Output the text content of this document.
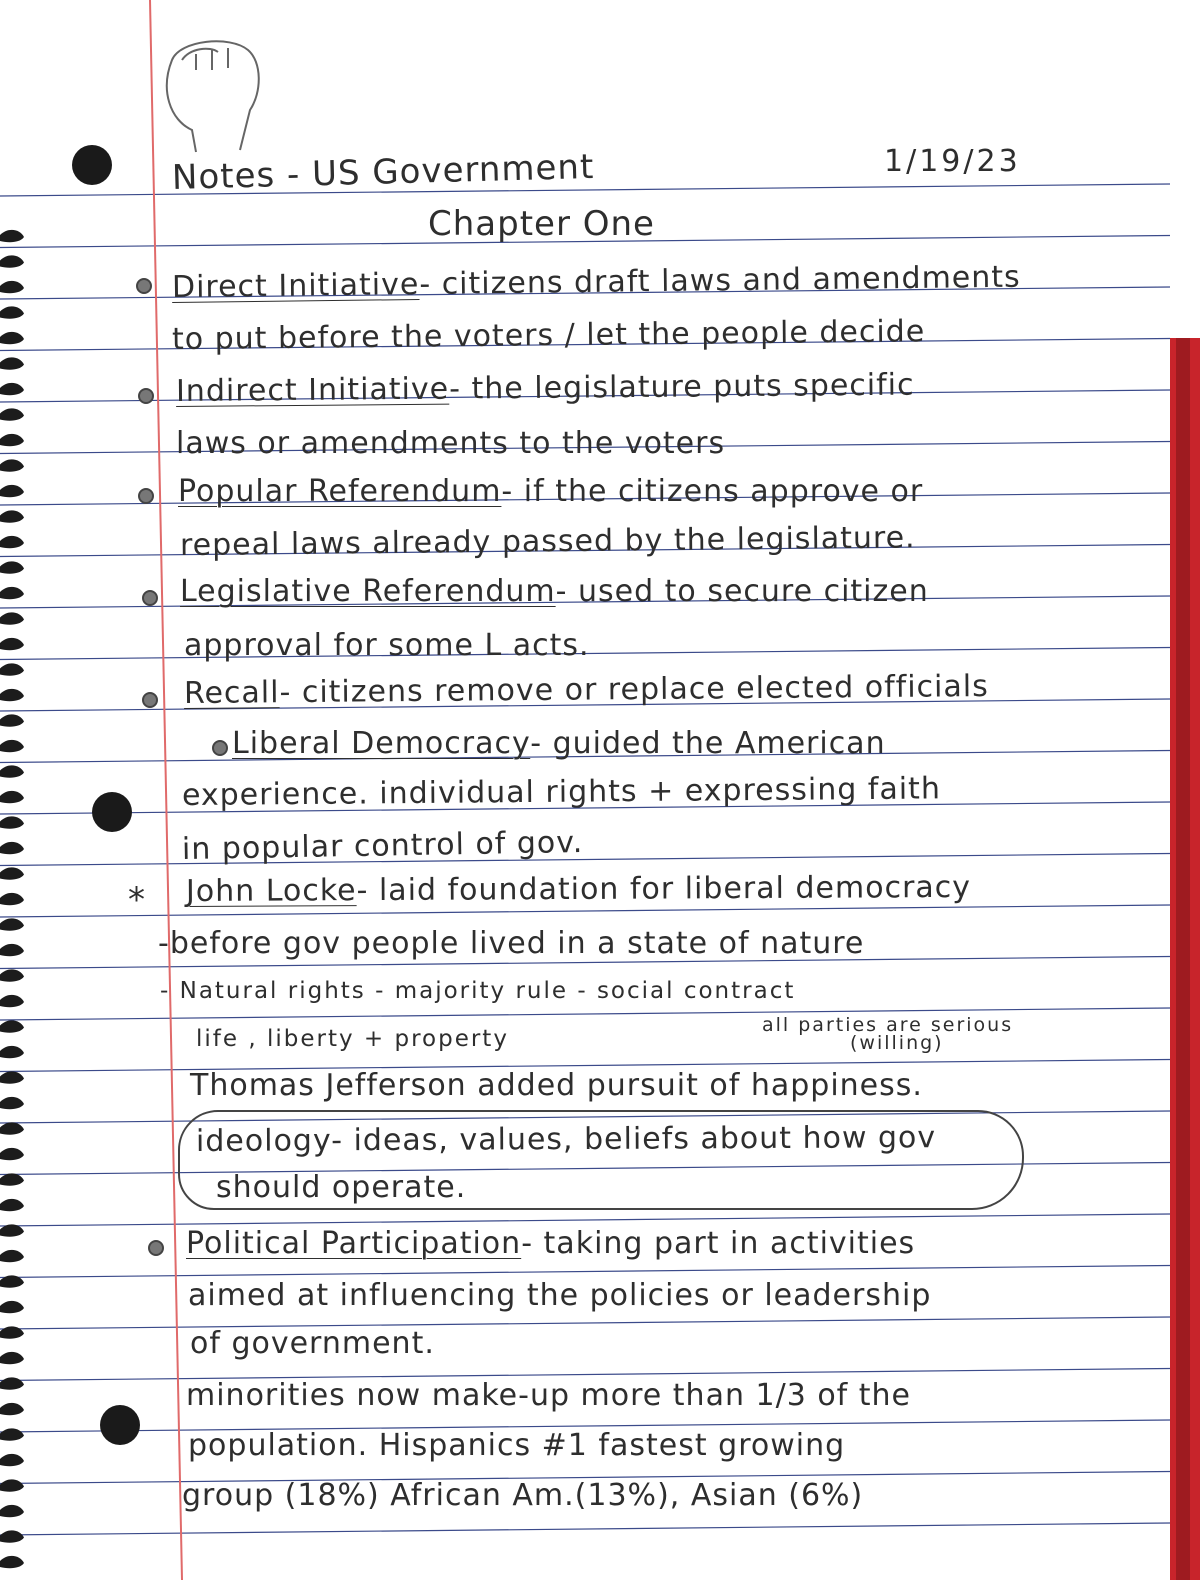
Notes - US Government	1/19/23
Chapter One
Direct Initiative- citizens draft laws and amendments
to put before the voters / let the people decide
Indirect Initiative- the legislature puts specific
laws or amendments to the voters
Popular Referendum- if the citizens approve or
repeal laws already passed by the legislature.
Legislative Referendum- used to secure citizen
approval for some L acts.
Recall- citizens remove or replace elected officials
Liberal Democracy- guided the American
experience. individual rights + expressing faith
in popular control of gov.
* John Locke- laid foundation for liberal democracy
-before gov people lived in a state of nature
- Natural rights - majority rule - social contract
life , liberty + property
all parties are serious
(willing)
Thomas Jefferson added pursuit of happiness.
ideology- ideas, values, beliefs about how gov
should operate.
Political Participation- taking part in activities
aimed at influencing the policies or leadership
of government.
minorities now make-up more than 1/3 of the
population. Hispanics #1 fastest growing
group (18%) African Am.(13%), Asian (6%)
